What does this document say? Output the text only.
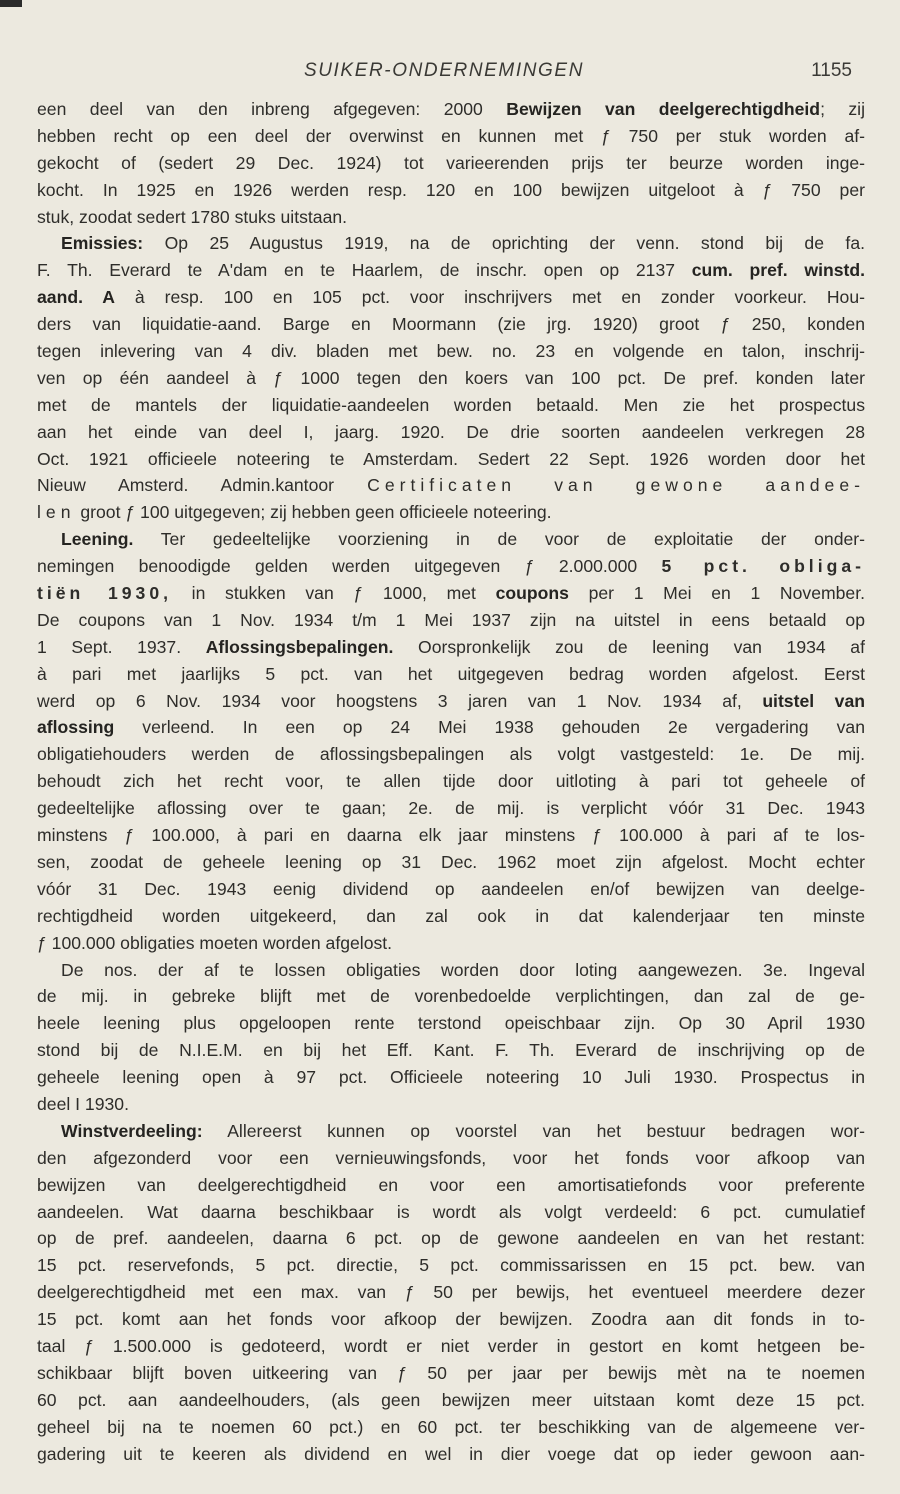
SUIKER-ONDERNEMINGEN	1155
een deel van den inbreng afgegeven: 2000 Bewijzen van deelgerechtigdheid; zij
hebben recht op een deel der overwinst en kunnen met ƒ 750 per stuk worden af-
gekocht of (sedert 29 Dec. 1924) tot varieerenden prijs ter beurze worden inge-
kocht. In 1925 en 1926 werden resp. 120 en 100 bewijzen uitgeloot à ƒ 750 per
stuk, zoodat sedert 1780 stuks uitstaan.
Emissies: Op 25 Augustus 1919, na de oprichting der venn. stond bij de fa.
F. Th. Everard te A'dam en te Haarlem, de inschr. open op 2137 cum. pref. winstd.
aand. A à resp. 100 en 105 pct. voor inschrijvers met en zonder voorkeur. Hou-
ders van liquidatie-aand. Barge en Moormann (zie jrg. 1920) groot ƒ 250, konden
tegen inlevering van 4 div. bladen met bew. no. 23 en volgende en talon, inschrij-
ven op één aandeel à ƒ 1000 tegen den koers van 100 pct. De pref. konden later
met de mantels der liquidatie-aandeelen worden betaald. Men zie het prospectus
aan het einde van deel I, jaarg. 1920. De drie soorten aandeelen verkregen 28
Oct. 1921 officieele noteering te Amsterdam. Sedert 22 Sept. 1926 worden door het
Nieuw Amsterd. Admin.kantoor Certificaten van gewone aandee-
len groot ƒ 100 uitgegeven; zij hebben geen officieele noteering.
Leening. Ter gedeeltelijke voorziening in de voor de exploitatie der onder-
nemingen benoodigde gelden werden uitgegeven ƒ 2.000.000 5 pct. obliga-
tiën 1930, in stukken van ƒ 1000, met coupons per 1 Mei en 1 November.
De coupons van 1 Nov. 1934 t/m 1 Mei 1937 zijn na uitstel in eens betaald op
1 Sept. 1937. Aflossingsbepalingen. Oorspronkelijk zou de leening van 1934 af
à pari met jaarlijks 5 pct. van het uitgegeven bedrag worden afgelost. Eerst
werd op 6 Nov. 1934 voor hoogstens 3 jaren van 1 Nov. 1934 af, uitstel van
aflossing verleend. In een op 24 Mei 1938 gehouden 2e vergadering van
obligatiehouders werden de aflossingsbepalingen als volgt vastgesteld: 1e. De mij.
behoudt zich het recht voor, te allen tijde door uitloting à pari tot geheele of
gedeeltelijke aflossing over te gaan; 2e. de mij. is verplicht vóór 31 Dec. 1943
minstens ƒ 100.000, à pari en daarna elk jaar minstens ƒ 100.000 à pari af te los-
sen, zoodat de geheele leening op 31 Dec. 1962 moet zijn afgelost. Mocht echter
vóór 31 Dec. 1943 eenig dividend op aandeelen en/of bewijzen van deelge-
rechtigdheid worden uitgekeerd, dan zal ook in dat kalenderjaar ten minste
ƒ 100.000 obligaties moeten worden afgelost.
De nos. der af te lossen obligaties worden door loting aangewezen. 3e. Ingeval
de mij. in gebreke blijft met de vorenbedoelde verplichtingen, dan zal de ge-
heele leening plus opgeloopen rente terstond opeischbaar zijn. Op 30 April 1930
stond bij de N.I.E.M. en bij het Eff. Kant. F. Th. Everard de inschrijving op de
geheele leening open à 97 pct. Officieele noteering 10 Juli 1930. Prospectus in
deel I 1930.
Winstverdeeling: Allereerst kunnen op voorstel van het bestuur bedragen wor-
den afgezonderd voor een vernieuwingsfonds, voor het fonds voor afkoop van
bewijzen van deelgerechtigdheid en voor een amortisatiefonds voor preferente
aandeelen. Wat daarna beschikbaar is wordt als volgt verdeeld: 6 pct. cumulatief
op de pref. aandeelen, daarna 6 pct. op de gewone aandeelen en van het restant:
15 pct. reservefonds, 5 pct. directie, 5 pct. commissarissen en 15 pct. bew. van
deelgerechtigdheid met een max. van ƒ 50 per bewijs, het eventueel meerdere dezer
15 pct. komt aan het fonds voor afkoop der bewijzen. Zoodra aan dit fonds in to-
taal ƒ 1.500.000 is gedoteerd, wordt er niet verder in gestort en komt hetgeen be-
schikbaar blijft boven uitkeering van ƒ 50 per jaar per bewijs mèt na te noemen
60 pct. aan aandeelhouders, (als geen bewijzen meer uitstaan komt deze 15 pct.
geheel bij na te noemen 60 pct.) en 60 pct. ter beschikking van de algemeene ver-
gadering uit te keeren als dividend en wel in dier voege dat op ieder gewoon aan-
